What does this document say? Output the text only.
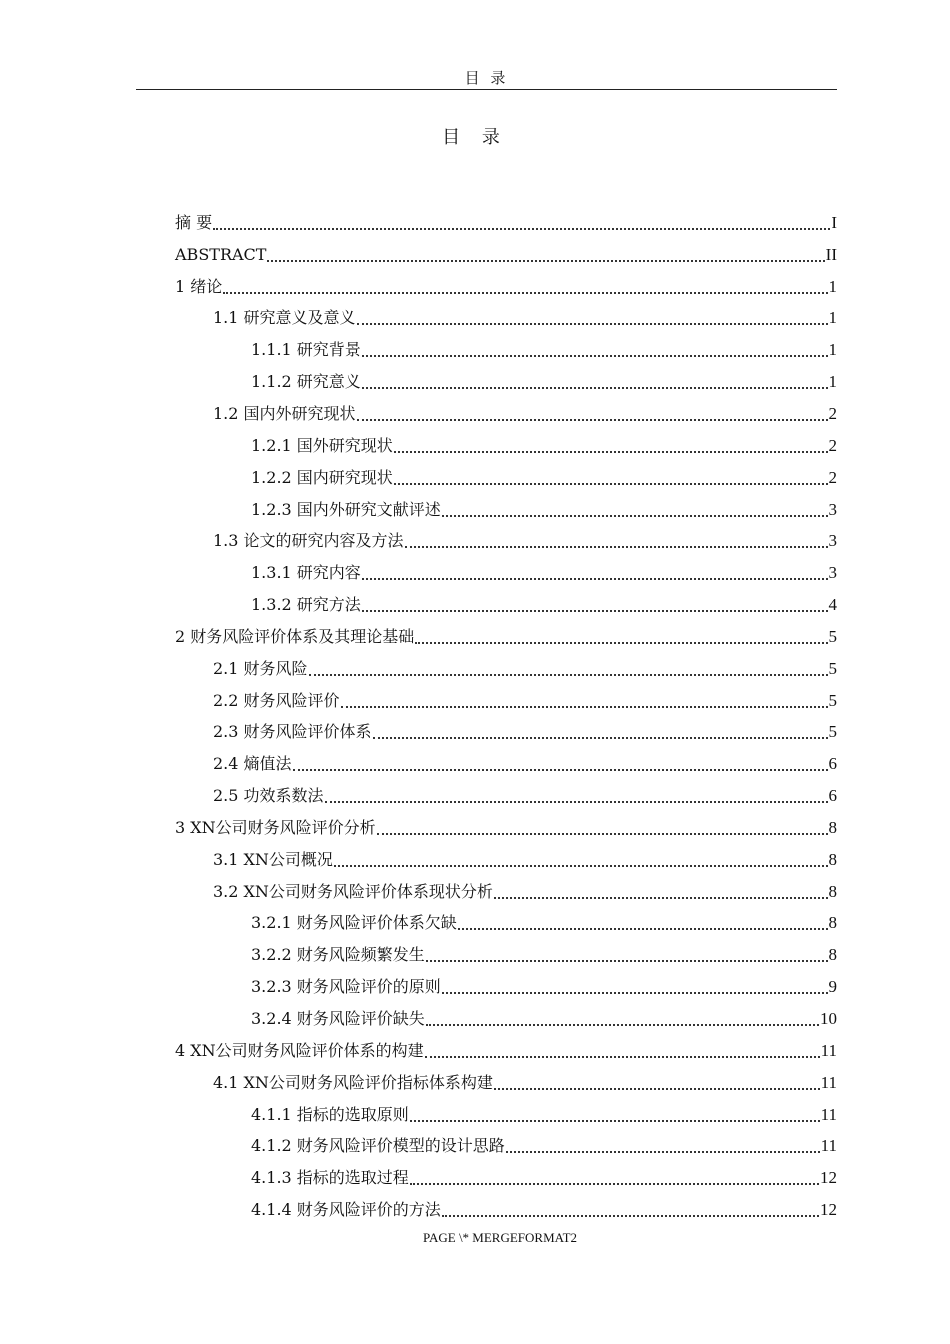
目 录
目 录
摘 要	I
ABSTRACT	II
1 绪论	1
1.1 研究意义及意义	1
1.1.1 研究背景	1
1.1.2 研究意义	1
1.2 国内外研究现状	2
1.2.1 国外研究现状	2
1.2.2 国内研究现状	2
1.2.3 国内外研究文献评述	3
1.3 论文的研究内容及方法	3
1.3.1 研究内容	3
1.3.2 研究方法	4
2 财务风险评价体系及其理论基础	5
2.1 财务风险	5
2.2 财务风险评价	5
2.3 财务风险评价体系	5
2.4 熵值法	6
2.5 功效系数法	6
3 XN公司财务风险评价分析	8
3.1 XN公司概况	8
3.2 XN公司财务风险评价体系现状分析	8
3.2.1 财务风险评价体系欠缺	8
3.2.2 财务风险频繁发生	8
3.2.3 财务风险评价的原则	9
3.2.4 财务风险评价缺失	10
4 XN公司财务风险评价体系的构建	11
4.1 XN公司财务风险评价指标体系构建	11
4.1.1 指标的选取原则	11
4.1.2 财务风险评价模型的设计思路	11
4.1.3 指标的选取过程	12
4.1.4 财务风险评价的方法	12
PAGE \* MERGEFORMAT2
